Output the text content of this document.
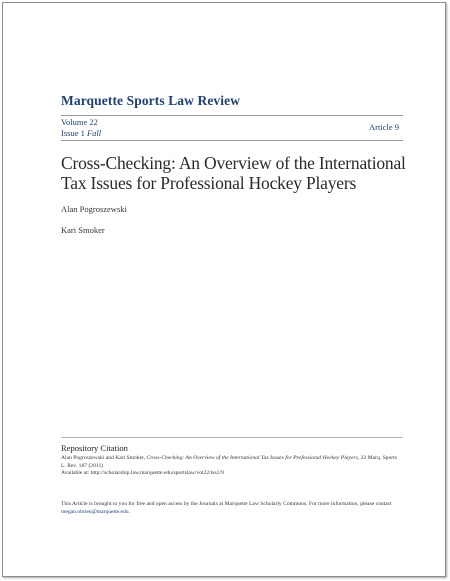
Marquette Sports Law Review
Volume 22
Issue 1 Fall
Article 9
Cross-Checking: An Overview of the International Tax Issues for Professional Hockey Players
Alan Pogroszewski
Kari Smoker
Repository Citation
Alan Pogroszewski and Kari Smoker, Cross-Checking: An Overview of the International Tax Issues for Professional Hockey Players, 22 Marq. Sports L. Rev. 187 (2011)
Available at: http://scholarship.law.marquette.edu/sportslaw/vol22/iss1/9
This Article is brought to you for free and open access by the Journals at Marquette Law Scholarly Commons. For more information, please contact
megan.obrien@marquette.edu.
